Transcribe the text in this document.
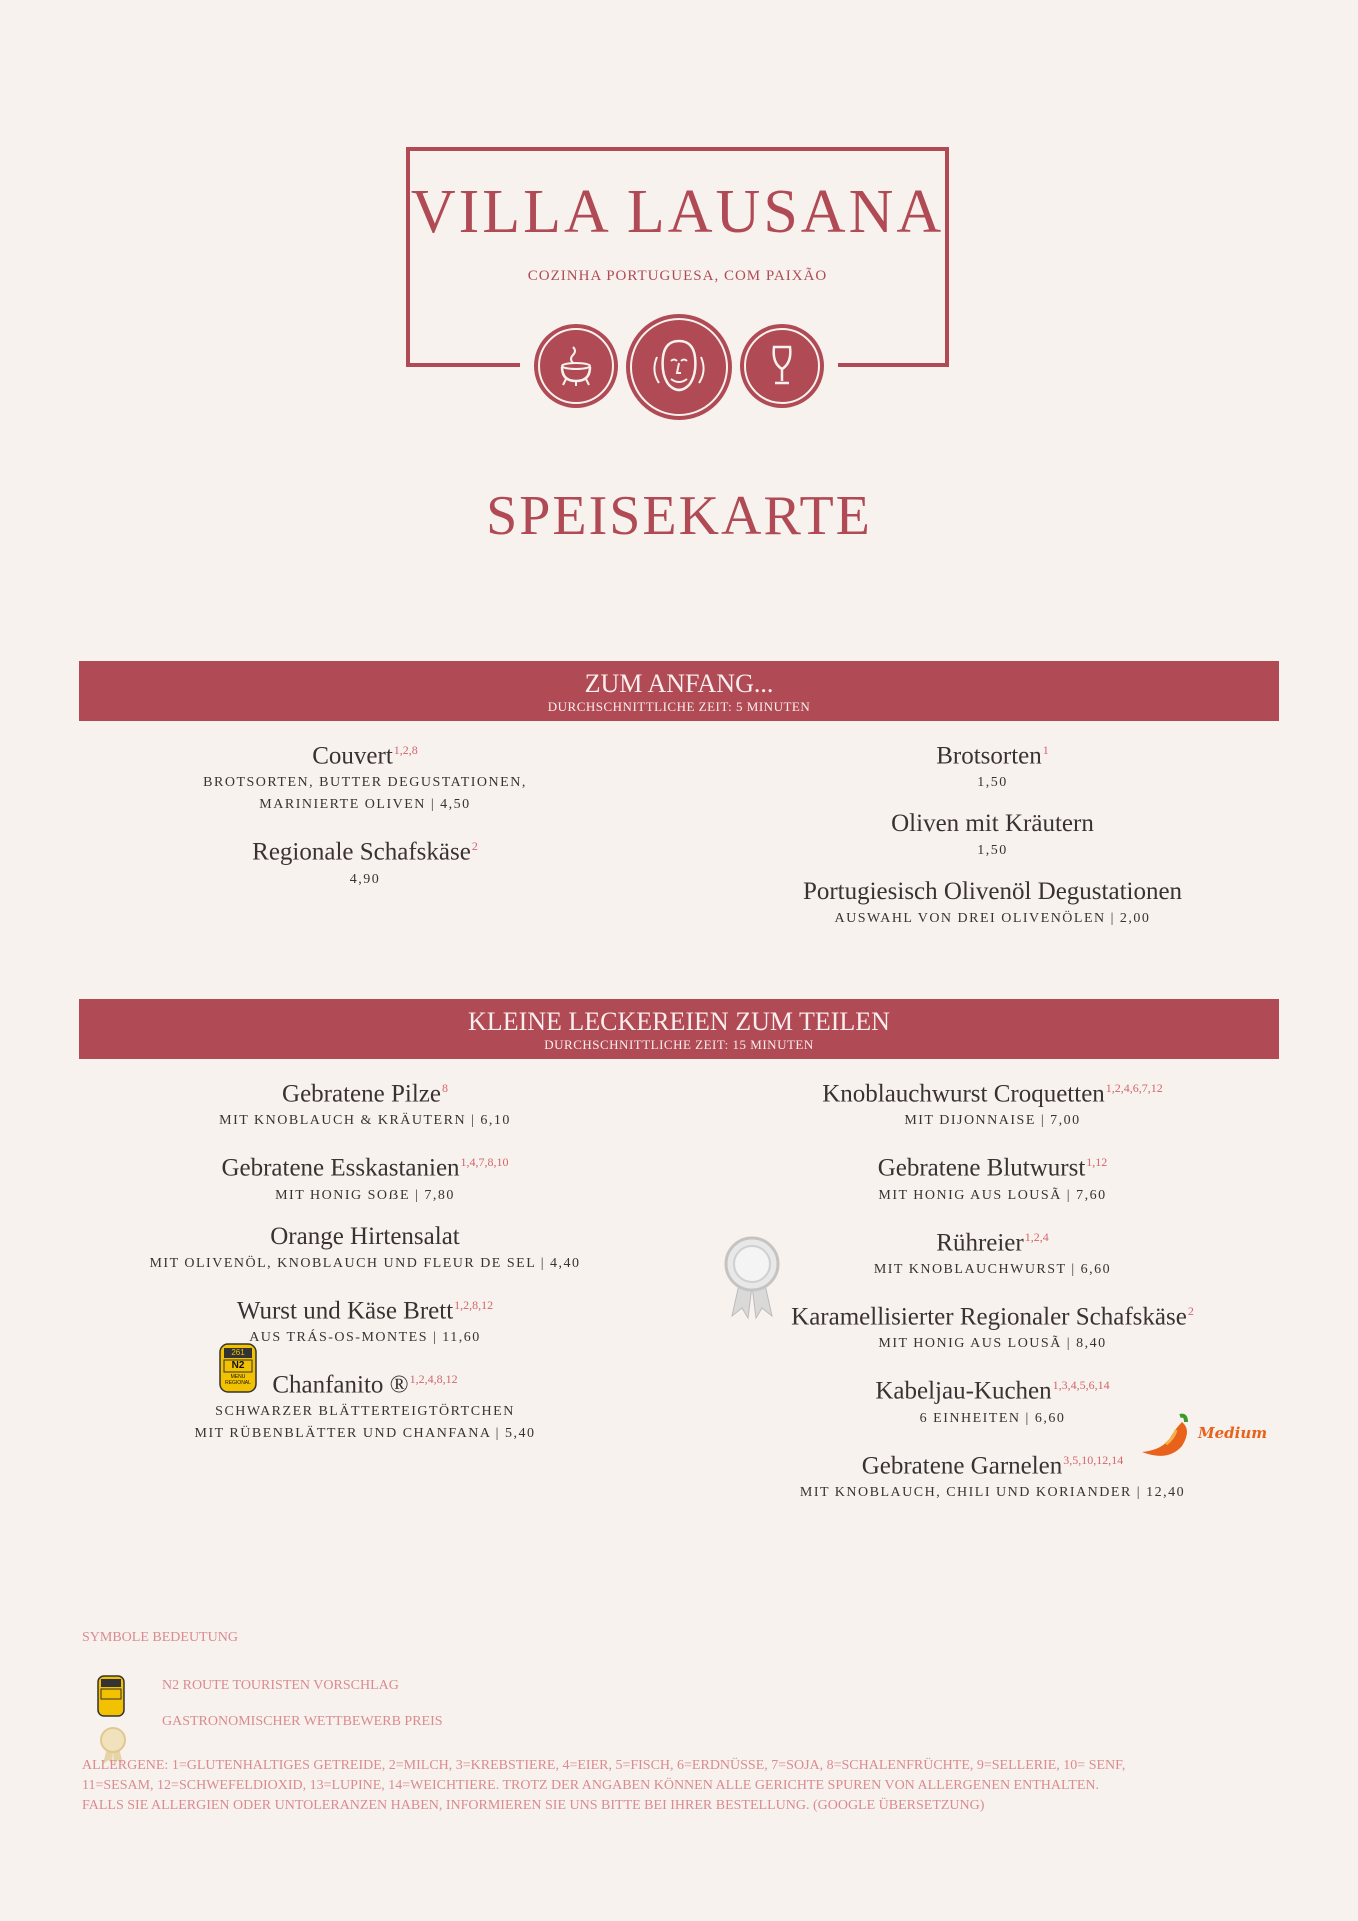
VILLA LAUSANA
COZINHA PORTUGUESA, COM PAIXÃO
SPEISEKARTE
ZUM ANFANG...
DURCHSCHNITTLICHE ZEIT: 5 MINUTEN
Couvert$^{1,2,8}$
BROTSORTEN, BUTTER DEGUSTATIONEN,
MARINIERTE OLIVEN | 4,50
Regionale Schafskäse$^2$
4,90
Brotsorten$^1$
1,50
Oliven mit Kräutern
1,50
Portugiesisch Olivenöl Degustationen
AUSWAHL VON DREI OLIVENÖLEN | 2,00
KLEINE LECKEREIEN ZUM TEILEN
DURCHSCHNITTLICHE ZEIT: 15 MINUTEN
Gebratene Pilze$^8$
MIT KNOBLAUCH & KRÄUTERN | 6,10
Gebratene Esskastanien$^{1,4,7,8,10}$
MIT HONIG SOẞE | 7,80
Orange Hirtensalat
MIT OLIVENÖL, KNOBLAUCH UND FLEUR DE SEL | 4,40
Wurst und Käse Brett$^{1,2,8,12}$
AUS TRÁS-OS-MONTES | 11,60
Chanfanito ®$^{1,2,4,8,12}$
SCHWARZER BLÄTTERTEIGTÖRTCHEN
MIT RÜBENBLÄTTER UND CHANFANA | 5,40
Knoblauchwurst Croquetten$^{1,2,4,6,7,12}$
MIT DIJONNAISE | 7,00
Gebratene Blutwurst$^{1,12}$
MIT HONIG AUS LOUSÃ | 7,60
Rühreier$^{1,2,4}$
MIT KNOBLAUCHWURST | 6,60
Karamellisierter Regionaler Schafskäse$^2$
MIT HONIG AUS LOUSÃ | 8,40
Kabeljau-Kuchen$^{1,3,4,5,6,14}$
6 EINHEITEN | 6,60
Gebratene Garnelen$^{3,5,10,12,14}$
MIT KNOBLAUCH, CHILI UND KORIANDER | 12,40
261
N2
MENU REGIONAL
Medium
SYMBOLE BEDEUTUNG
N2 ROUTE TOURISTEN VORSCHLAG
GASTRONOMISCHER WETTBEWERB PREIS
ALLERGENE: 1=GLUTENHALTIGES GETREIDE, 2=MILCH, 3=KREBSTIERE, 4=EIER, 5=FISCH, 6=ERDNÜSSE, 7=SOJA, 8=SCHALENFRÜCHTE, 9=SELLERIE, 10= SENF,
11=SESAM, 12=SCHWEFELDIOXID, 13=LUPINE, 14=WEICHTIERE. TROTZ DER ANGABEN KÖNNEN ALLE GERICHTE SPUREN VON ALLERGENEN ENTHALTEN.
FALLS SIE ALLERGIEN ODER UNTOLERANZEN HABEN, INFORMIEREN SIE UNS BITTE BEI IHRER BESTELLUNG. (GOOGLE ÜBERSETZUNG)
